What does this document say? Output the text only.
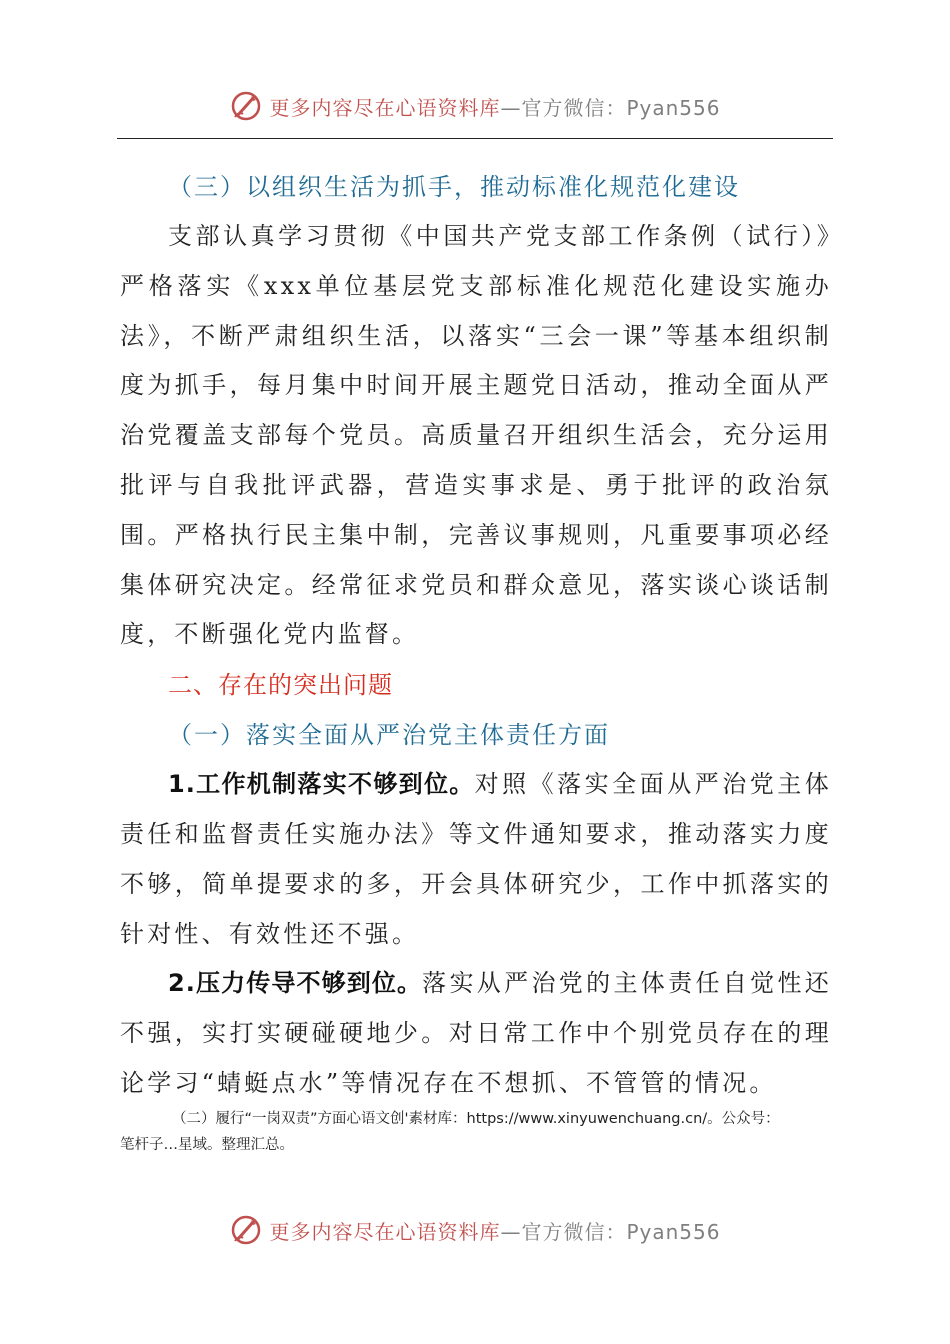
更多内容尽在心语资料库—官方微信：Pyan556

（三）以组织生活为抓手，推动标准化规范化建设

支部认真学习贯彻《中国共产党支部工作条例（试行）》严格落实《xxx单位基层党支部标准化规范化建设实施办法》，不断严肃组织生活，以落实“三会一课”等基本组织制度为抓手，每月集中时间开展主题党日活动，推动全面从严治党覆盖支部每个党员。高质量召开组织生活会，充分运用批评与自我批评武器，营造实事求是、勇于批评的政治氛围。严格执行民主集中制，完善议事规则，凡重要事项必经集体研究决定。经常征求党员和群众意见，落实谈心谈话制度，不断强化党内监督。

二、存在的突出问题

（一）落实全面从严治党主体责任方面

1.工作机制落实不够到位。对照《落实全面从严治党主体责任和监督责任实施办法》等文件通知要求，推动落实力度不够，简单提要求的多，开会具体研究少，工作中抓落实的针对性、有效性还不强。

2.压力传导不够到位。落实从严治党的主体责任自觉性还不强，实打实硬碰硬地少。对日常工作中个别党员存在的理论学习“蜻蜓点水”等情况存在不想抓、不管管的情况。

（二）履行“一岗双责”方面心语文创'素材库：https://www.xinyuwenchuang.cn/。公众号：
笔杆子…星域。整理汇总。
更多内容尽在心语资料库—官方微信：Pyan556
